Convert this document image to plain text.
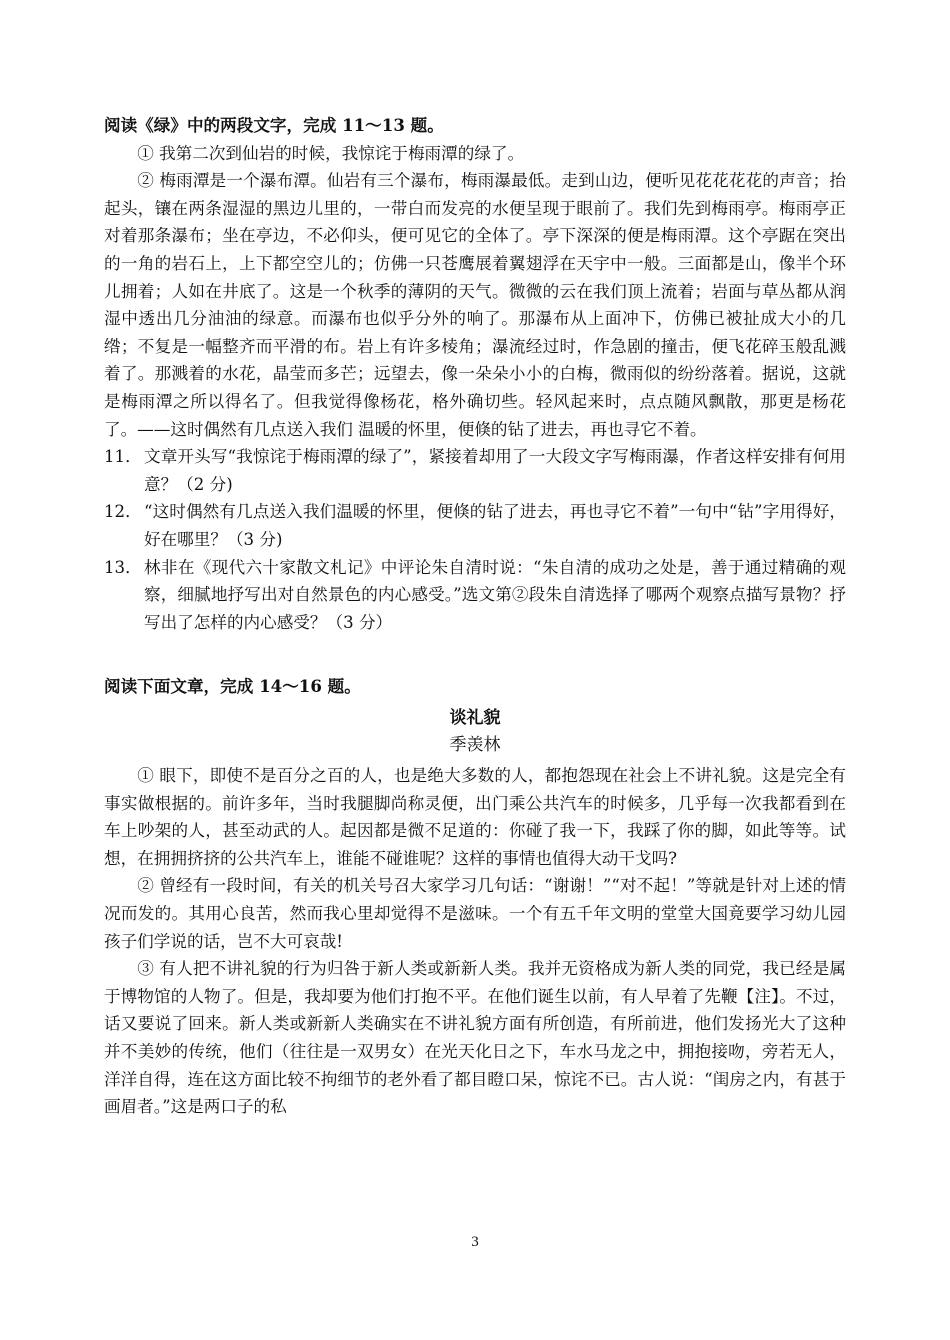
阅读《绿》中的两段文字，完成 11～13 题。

① 我第二次到仙岩的时候，我惊诧于梅雨潭的绿了。

② 梅雨潭是一个瀑布潭。仙岩有三个瀑布，梅雨瀑最低。走到山边，便听见花花花花的声音；抬起头，镶在两条湿湿的黑边儿里的，一带白而发亮的水便呈现于眼前了。我们先到梅雨亭。梅雨亭正对着那条瀑布；坐在亭边，不必仰头，便可见它的全体了。亭下深深的便是梅雨潭。这个亭踞在突出的一角的岩石上，上下都空空儿的；仿佛一只苍鹰展着翼翅浮在天宇中一般。三面都是山，像半个环儿拥着；人如在井底了。这是一个秋季的薄阴的天气。微微的云在我们顶上流着；岩面与草丛都从润湿中透出几分油油的绿意。而瀑布也似乎分外的响了。那瀑布从上面冲下，仿佛已被扯成大小的几绺；不复是一幅整齐而平滑的布。岩上有许多棱角；瀑流经过时，作急剧的撞击，便飞花碎玉般乱溅着了。那溅着的水花，晶莹而多芒；远望去，像一朵朵小小的白梅，微雨似的纷纷落着。据说，这就是梅雨潭之所以得名了。但我觉得像杨花，格外确切些。轻风起来时，点点随风飘散，那更是杨花了。——这时偶然有几点送入我们 温暖的怀里，便倏的钻了进去，再也寻它不着。

11． 文章开头写“我惊诧于梅雨潭的绿了”，紧接着却用了一大段文字写梅雨瀑，作者这样安排有何用意？（2 分)
12． “这时偶然有几点送入我们温暖的怀里，便倏的钻了进去，再也寻它不着”一句中“钻”字用得好，好在哪里？（3 分)
13． 林非在《现代六十家散文札记》中评论朱自清时说：“朱自清的成功之处是，善于通过精确的观察，细腻地抒写出对自然景色的内心感受。”选文第②段朱自清选择了哪两个观察点描写景物？抒写出了怎样的内心感受？（3 分）

阅读下面文章，完成 14～16 题。

谈礼貌

季羡林

① 眼下，即使不是百分之百的人，也是绝大多数的人，都抱怨现在社会上不讲礼貌。这是完全有事实做根据的。前许多年，当时我腿脚尚称灵便，出门乘公共汽车的时候多，几乎每一次我都看到在车上吵架的人，甚至动武的人。起因都是微不足道的：你碰了我一下，我踩了你的脚，如此等等。试想，在拥拥挤挤的公共汽车上，谁能不碰谁呢？这样的事情也值得大动干戈吗?

② 曾经有一段时间，有关的机关号召大家学习几句话：“谢谢！”“对不起！”等就是针对上述的情况而发的。其用心良苦，然而我心里却觉得不是滋味。一个有五千年文明的堂堂大国竟要学习幼儿园孩子们学说的话，岂不大可哀哉!

③ 有人把不讲礼貌的行为归咎于新人类或新新人类。我并无资格成为新人类的同党，我已经是属于博物馆的人物了。但是，我却要为他们打抱不平。在他们诞生以前，有人早着了先鞭【注】。不过，话又要说了回来。新人类或新新人类确实在不讲礼貌方面有所创造，有所前进，他们发扬光大了这种并不美妙的传统，他们（往往是一双男女）在光天化日之下，车水马龙之中，拥抱接吻，旁若无人，洋洋自得，连在这方面比较不拘细节的老外看了都目瞪口呆，惊诧不已。古人说：“闺房之内，有甚于画眉者。”这是两口子的私

3
